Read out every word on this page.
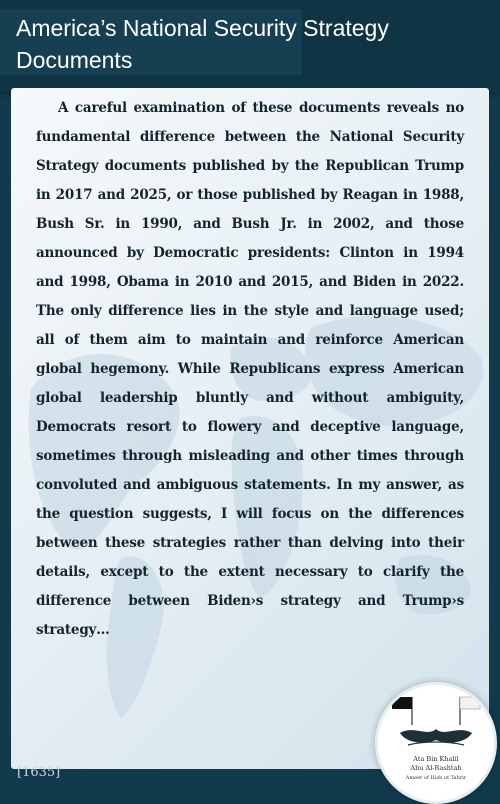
America’s National Security Strategy Documents

A careful examination of these documents reveals no fundamental difference between the National Security Strategy documents published by the Republican Trump in 2017 and 2025, or those published by Reagan in 1988, Bush Sr. in 1990, and Bush Jr. in 2002, and those announced by Democratic presidents: Clinton in 1994 and 1998, Obama in 2010 and 2015, and Biden in 2022. The only difference lies in the style and language used; all of them aim to maintain and reinforce American global hegemony. While Republicans express American global leadership bluntly and without ambiguity, Democrats resort to flowery and deceptive language, sometimes through misleading and other times through convoluted and ambiguous statements. In my answer, as the question suggests, I will focus on the differences between these strategies rather than delving into their details, except to the extent necessary to clarify the difference between Biden›s strategy and Trump›s strategy…

[1635]
Ata Bin Khalil
Abu Al-Rashtah
Ameer of Hizb ut Tahrir
